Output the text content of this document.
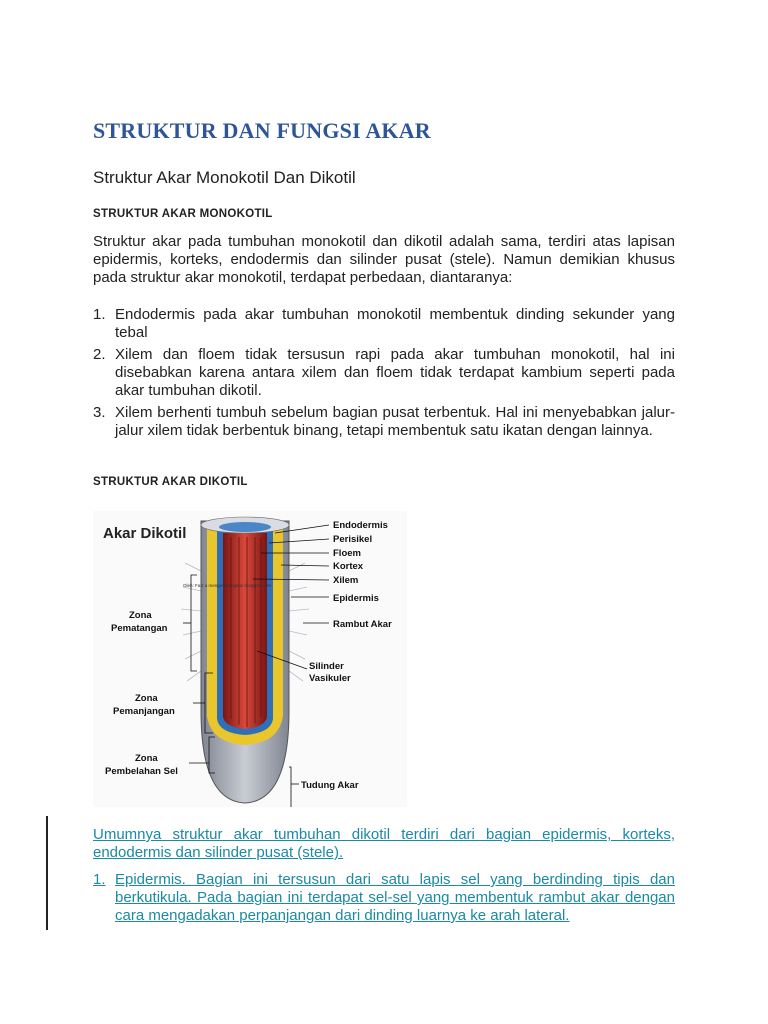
STRUKTUR DAN FUNGSI AKAR
Struktur Akar Monokotil Dan Dikotil
STRUKTUR AKAR MONOKOTIL

Struktur akar pada tumbuhan monokotil dan dikotil adalah sama, terdiri atas lapisan epidermis, korteks, endodermis dan silinder pusat (stele). Namun demikian khusus pada struktur akar monokotil, terdapat perbedaan, diantaranya:

1. Endodermis pada akar tumbuhan monokotil membentuk dinding sekunder yang tebal
2. Xilem dan floem tidak tersusun rapi pada akar tumbuhan monokotil, hal ini disebabkan karena antara xilem dan floem tidak terdapat kambium seperti pada akar tumbuhan dikotil.
3. Xilem berhenti tumbuh sebelum bagian pusat terbentuk. Hal ini menyebabkan jalur-jalur xilem tidak berbentuk binang, tetapi membentuk satu ikatan dengan lainnya.
STRUKTUR AKAR DIKOTIL
Akar Dikotil
Oleh: Faiz a mengembangkan blogspot.com
Endodermis
Perisikel
Floem
Kortex
Xilem
Epidermis
Rambut Akar
Silinder
Vasikuler
Tudung Akar
Zona
Pematangan
Zona
Pemanjangan
Zona
Pembelahan Sel

Umumnya struktur akar tumbuhan dikotil terdiri dari bagian epidermis, korteks, endodermis dan silinder pusat (stele).

1. Epidermis. Bagian ini tersusun dari satu lapis sel yang berdinding tipis dan berkutikula. Pada bagian ini terdapat sel-sel yang membentuk rambut akar dengan cara mengadakan perpanjangan dari dinding luarnya ke arah lateral.
